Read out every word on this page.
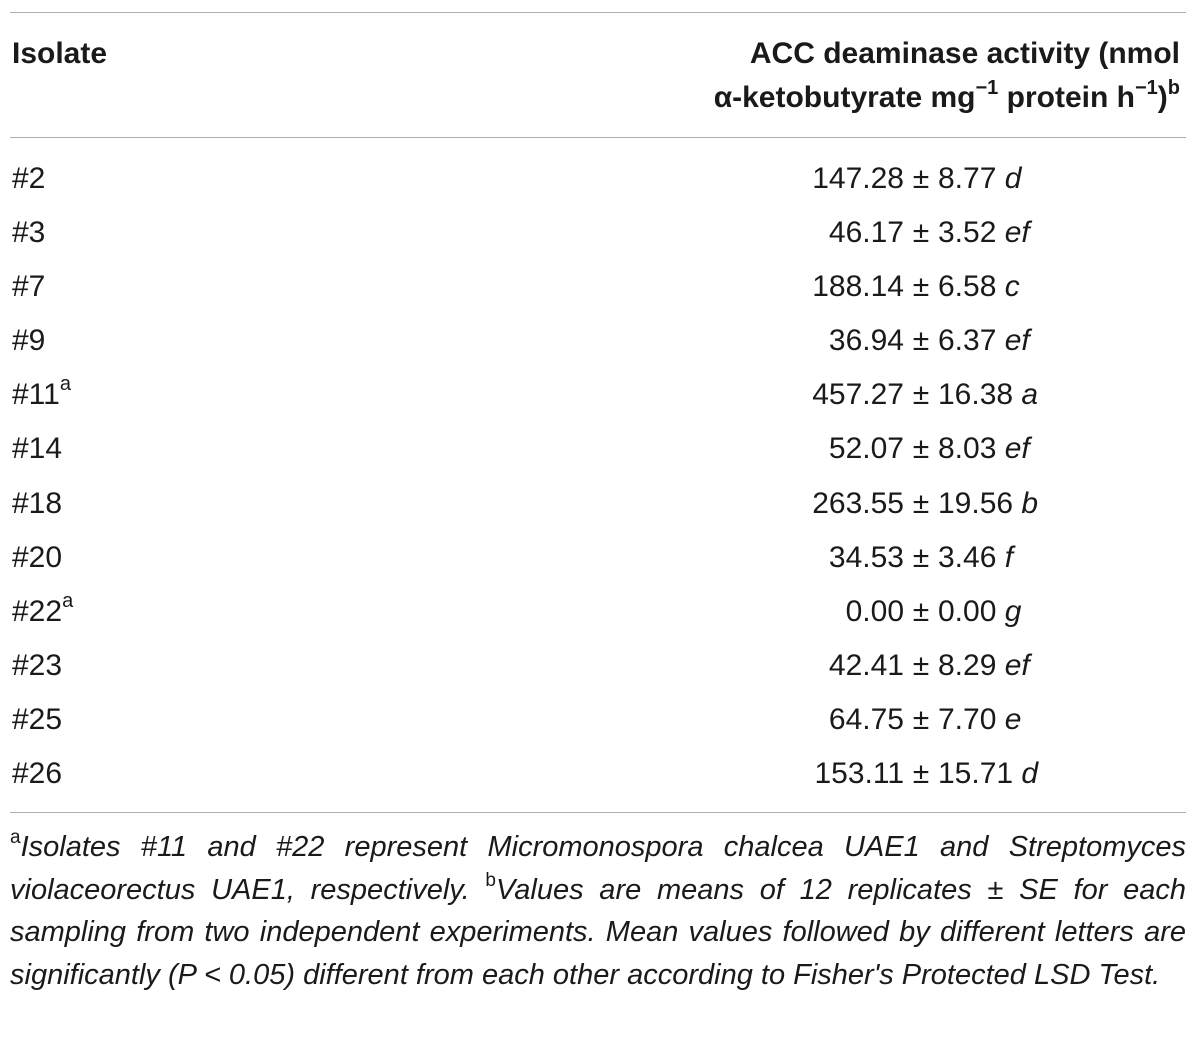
Isolate	ACC deaminase activity (nmol
α-ketobutyrate $mg^{-1}$ protein $h^{-1})^b$
#2	147.28 ± 8.77 d
#3	46.17 ± 3.52 ef
#7	188.14 ± 6.58 c
#9	36.94 ± 6.37 ef
#11$^a$	457.27 ± 16.38 a
#14	52.07 ± 8.03 ef
#18	263.55 ± 19.56 b
#20	34.53 ± 3.46 f
#22$^a$	0.00 ± 0.00 g
#23	42.41 ± 8.29 ef
#25	64.75 ± 7.70 e
#26	153.11 ± 15.71 d
$^a$Isolates #11 and #22 represent Micromonospora chalcea UAE1 and Streptomyces violaceorectus UAE1, respectively. $^b$Values are means of 12 replicates ± SE for each sampling from two independent experiments. Mean values followed by different letters are significantly (P < 0.05) different from each other according to Fisher's Protected LSD Test.
